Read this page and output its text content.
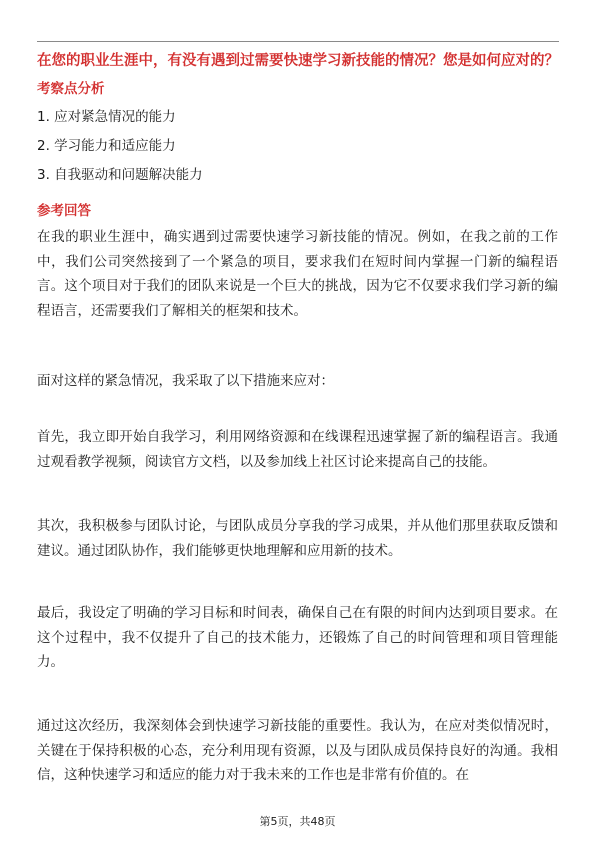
在您的职业生涯中，有没有遇到过需要快速学习新技能的情况？您是如何应对的？
考察点分析
1. 应对紧急情况的能力
2. 学习能力和适应能力
3. 自我驱动和问题解决能力
参考回答
在我的职业生涯中，确实遇到过需要快速学习新技能的情况。例如，在我之前的工作中，我们公司突然接到了一个紧急的项目，要求我们在短时间内掌握一门新的编程语言。这个项目对于我们的团队来说是一个巨大的挑战，因为它不仅要求我们学习新的编程语言，还需要我们了解相关的框架和技术。
面对这样的紧急情况，我采取了以下措施来应对：
首先，我立即开始自我学习，利用网络资源和在线课程迅速掌握了新的编程语言。我通过观看教学视频，阅读官方文档，以及参加线上社区讨论来提高自己的技能。
其次，我积极参与团队讨论，与团队成员分享我的学习成果，并从他们那里获取反馈和建议。通过团队协作，我们能够更快地理解和应用新的技术。
最后，我设定了明确的学习目标和时间表，确保自己在有限的时间内达到项目要求。在这个过程中，我不仅提升了自己的技术能力，还锻炼了自己的时间管理和项目管理能力。
通过这次经历，我深刻体会到快速学习新技能的重要性。我认为，在应对类似情况时，关键在于保持积极的心态，充分利用现有资源，以及与团队成员保持良好的沟通。我相信，这种快速学习和适应的能力对于我未来的工作也是非常有价值的。在
第5页，共48页
